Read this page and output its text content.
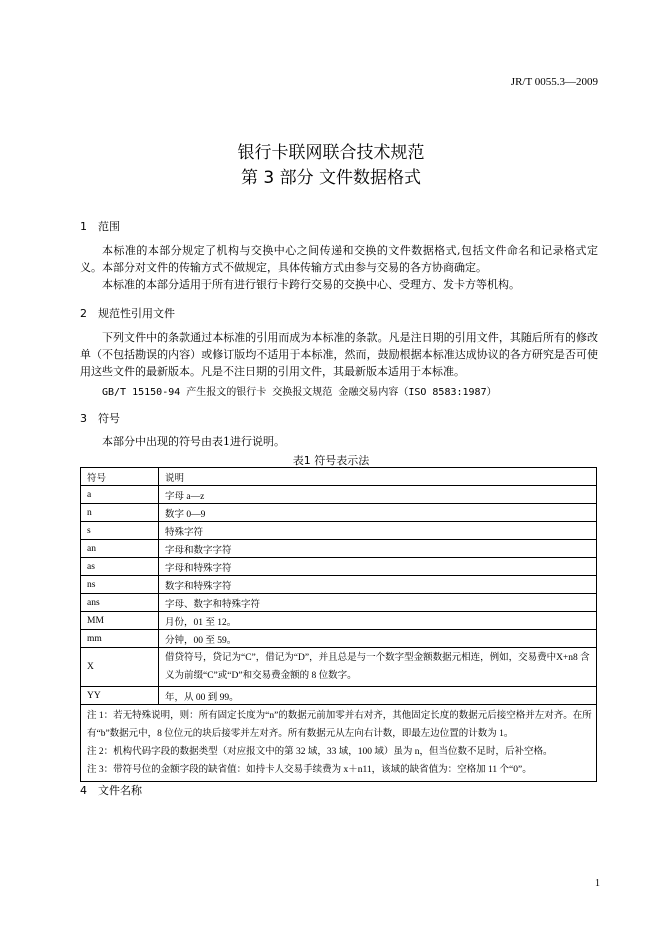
JR/T 0055.3—2009
银行卡联网联合技术规范
第 3 部分 文件数据格式
1 范围
本标准的本部分规定了机构与交换中心之间传递和交换的文件数据格式,包括文件命名和记录格式定义。本部分对文件的传输方式不做规定，具体传输方式由参与交易的各方协商确定。
本标准的本部分适用于所有进行银行卡跨行交易的交换中心、受理方、发卡方等机构。
2 规范性引用文件
下列文件中的条款通过本标准的引用而成为本标准的条款。凡是注日期的引用文件，其随后所有的修改单（不包括勘误的内容）或修订版均不适用于本标准，然而，鼓励根据本标准达成协议的各方研究是否可使用这些文件的最新版本。凡是不注日期的引用文件，其最新版本适用于本标准。
GB/T 15150-94 产生报文的银行卡 交换报文规范 金融交易内容（ISO 8583:1987）
3 符号
本部分中出现的符号由表1进行说明。
表1 符号表示法
符号	说明
a	字母 a—z
n	数字 0—9
s	特殊字符
an	字母和数字字符
as	字母和特殊字符
ns	数字和特殊字符
ans	字母、数字和特殊字符
MM	月份，01 至 12。
mm	分钟，00 至 59。
X	借贷符号，贷记为“C”，借记为“D”，并且总是与一个数字型金额数据元相连，例如，交易费中X+n8 含义为前缀“C”或“D”和交易费金额的 8 位数字。
YY	年，从 00 到 99。

注 1：若无特殊说明，则：所有固定长度为“n”的数据元前加零并右对齐，其他固定长度的数据元后接空格并左对齐。在所有“b”数据元中，8 位位元的块后接零并左对齐。所有数据元从左向右计数，即最左边位置的计数为 1。
注 2：机构代码字段的数据类型（对应报文中的第 32 域，33 域，100 域）虽为 n，但当位数不足时，后补空格。
注 3：带符号位的金额字段的缺省值：如持卡人交易手续费为 x＋n11，该域的缺省值为：空格加 11 个“0”。	
4 文件名称
1
